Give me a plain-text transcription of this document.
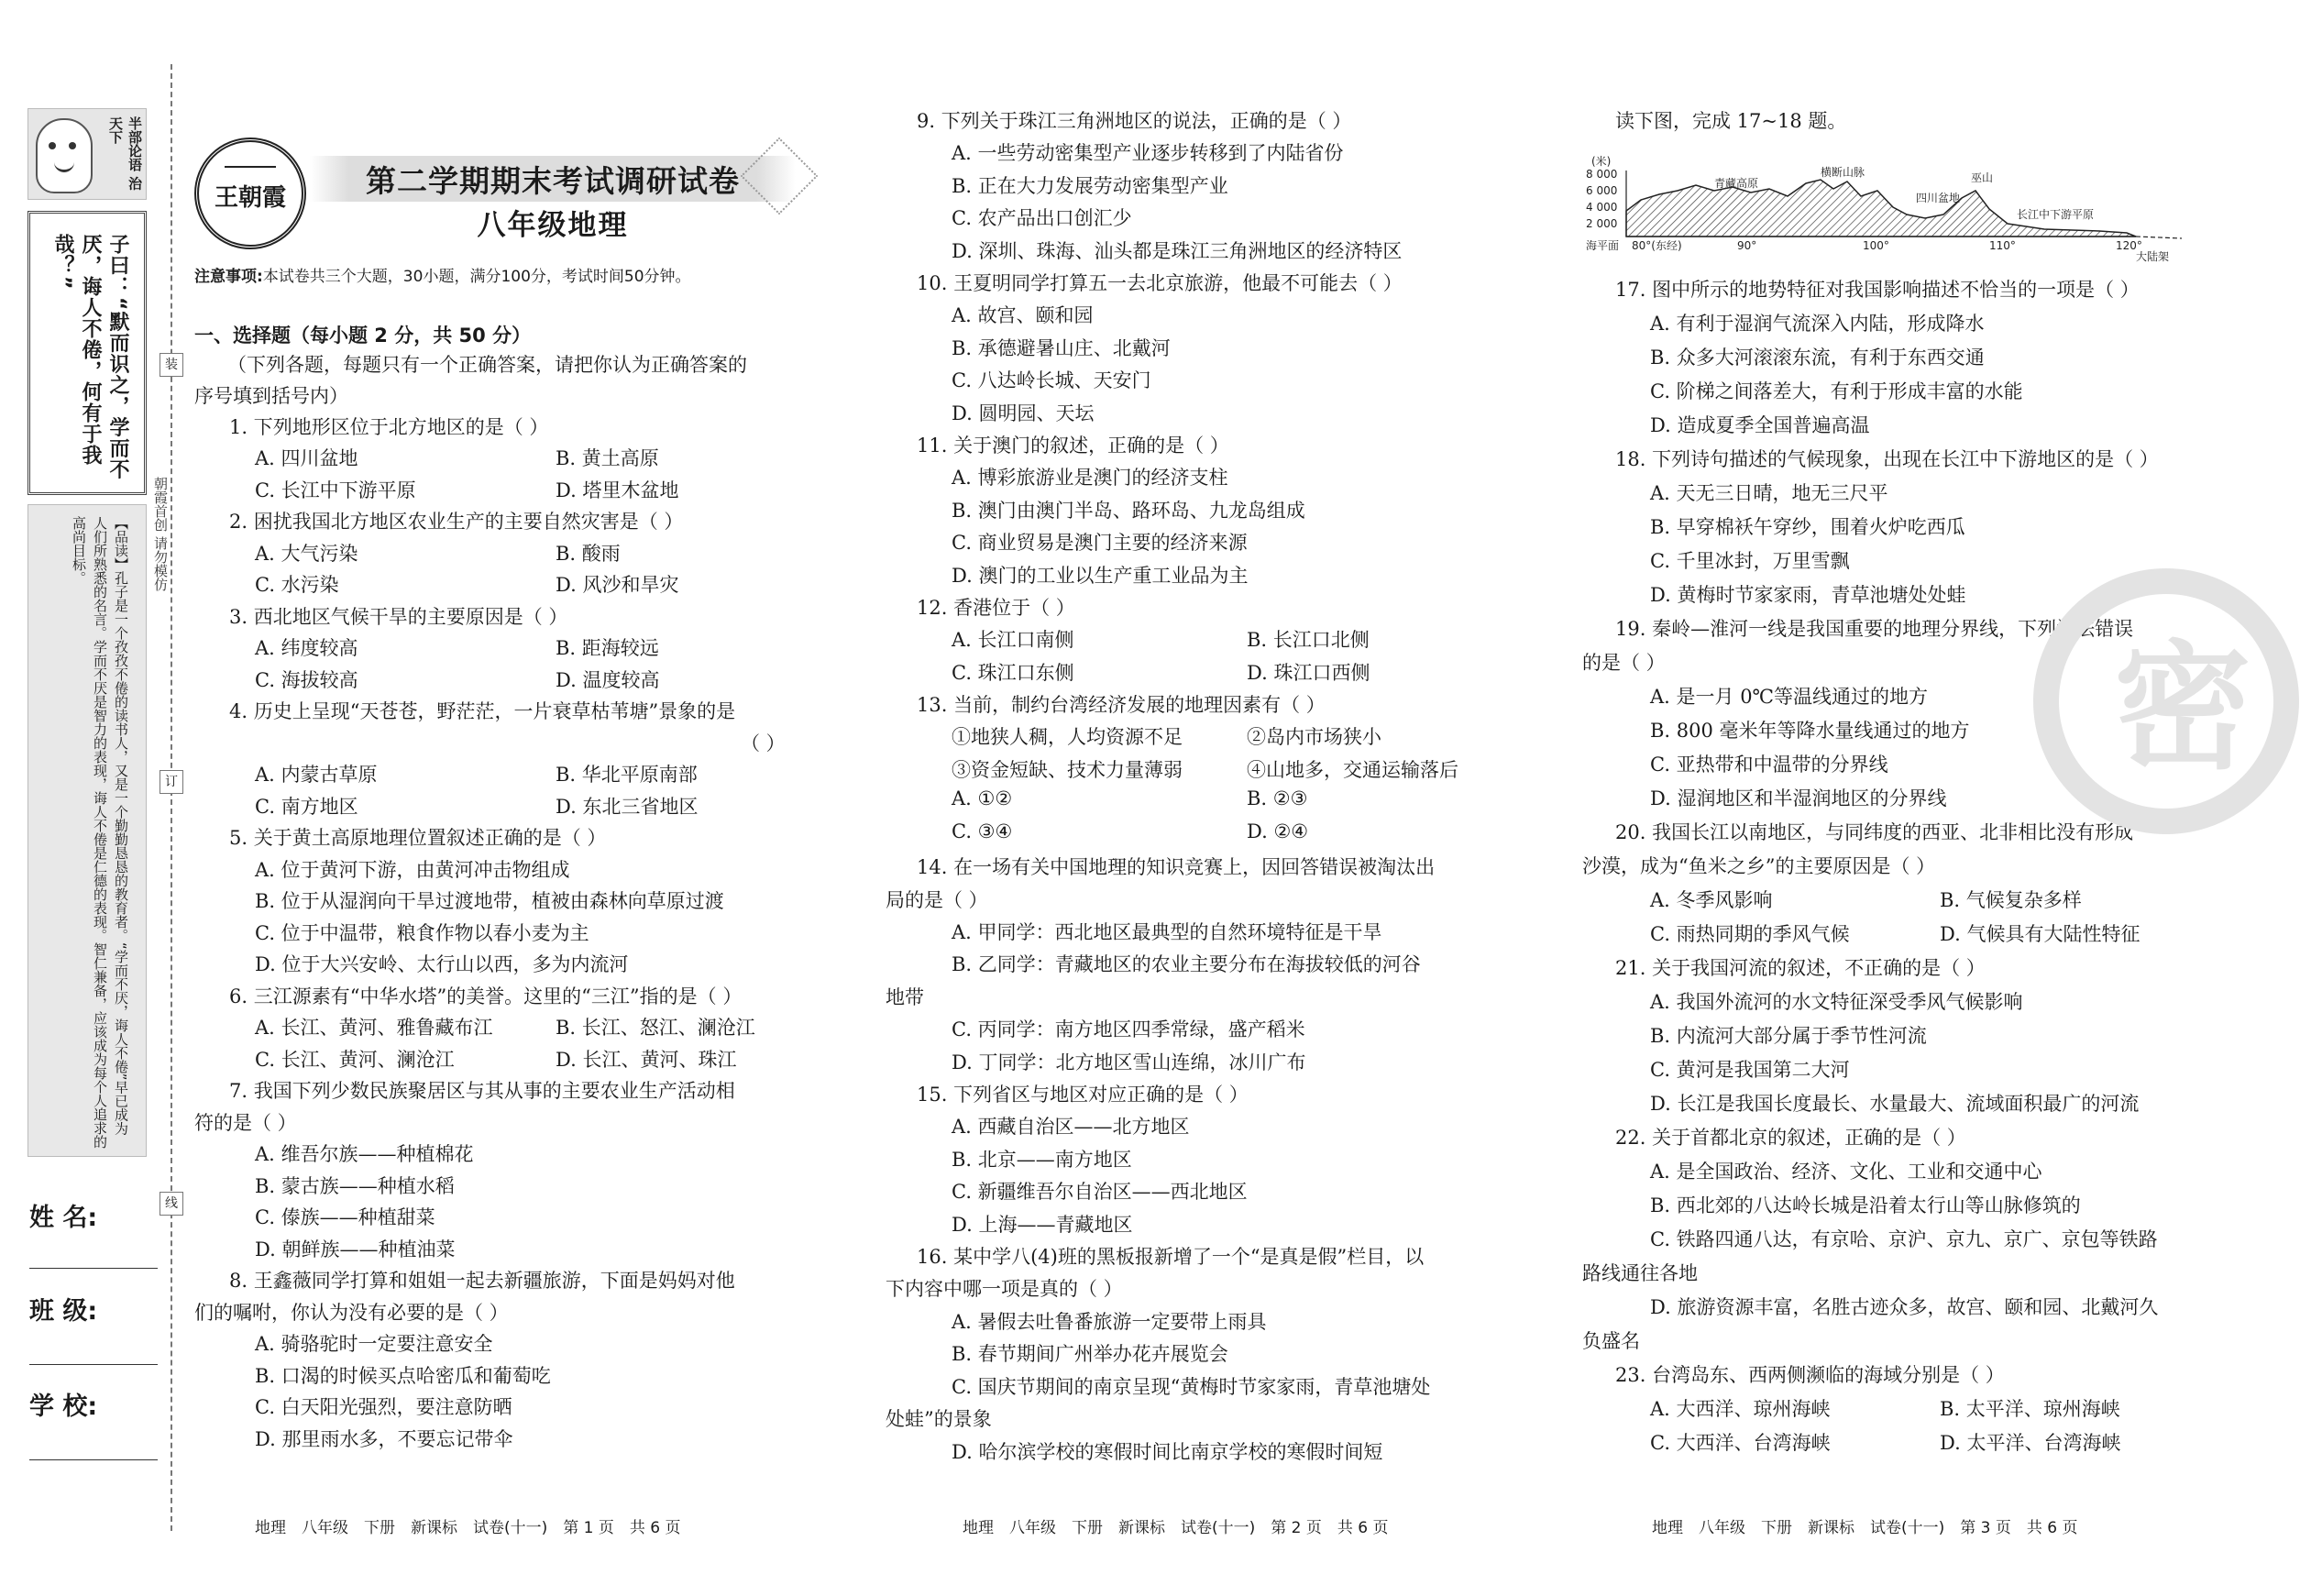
半部论语 治天下
子曰：“默而识之，学而不厌，诲人不倦，何有于我哉？”
【品读】孔子是一个孜孜不倦的读书人，又是一个勤勤恳恳的教育者。“学而不厌，诲人不倦”早已成为人们所熟悉的名言。学而不厌是智力的表现，诲人不倦是仁德的表现。智仁兼备，应该成为每个人追求的高尚目标。
姓 名:
班 级:
学 校:
装
订
线
朝霞首创 请勿模仿
王朝霞	第二学期期末考试调研试卷
八年级地理
注意事项:本试卷共三个大题，30小题，满分100分，考试时间50分钟。
一、选择题（每小题 2 分，共 50 分）
（下列各题，每题只有一个正确答案，请把你认为正确答案的
序号填到括号内）
1. 下列地形区位于北方地区的是（ ）
A. 四川盆地	B. 黄土高原
C. 长江中下游平原	D. 塔里木盆地
2. 困扰我国北方地区农业生产的主要自然灾害是（ ）
A. 大气污染	B. 酸雨
C. 水污染	D. 风沙和旱灾
3. 西北地区气候干旱的主要原因是（ ）
A. 纬度较高	B. 距海较远
C. 海拔较高	D. 温度较高
4. 历史上呈现“天苍苍，野茫茫，一片衰草枯苇塘”景象的是
（ ）
A. 内蒙古草原	B. 华北平原南部
C. 南方地区	D. 东北三省地区
5. 关于黄土高原地理位置叙述正确的是（ ）
A. 位于黄河下游，由黄河冲击物组成
B. 位于从湿润向干旱过渡地带，植被由森林向草原过渡
C. 位于中温带，粮食作物以春小麦为主
D. 位于大兴安岭、太行山以西，多为内流河
6. 三江源素有“中华水塔”的美誉。这里的“三江”指的是（ ）
A. 长江、黄河、雅鲁藏布江	B. 长江、怒江、澜沧江
C. 长江、黄河、澜沧江	D. 长江、黄河、珠江
7. 我国下列少数民族聚居区与其从事的主要农业生产活动相
符的是（ ）
A. 维吾尔族——种植棉花
B. 蒙古族——种植水稻
C. 傣族——种植甜菜
D. 朝鲜族——种植油菜
8. 王鑫薇同学打算和姐姐一起去新疆旅游，下面是妈妈对他
们的嘱咐，你认为没有必要的是（ ）
A. 骑骆驼时一定要注意安全
B. 口渴的时候买点哈密瓜和葡萄吃
C. 白天阳光强烈，要注意防晒
D. 那里雨水多，不要忘记带伞
9. 下列关于珠江三角洲地区的说法，正确的是（ ）
A. 一些劳动密集型产业逐步转移到了内陆省份
B. 正在大力发展劳动密集型产业
C. 农产品出口创汇少
D. 深圳、珠海、汕头都是珠江三角洲地区的经济特区
10. 王夏明同学打算五一去北京旅游，他最不可能去（ ）
A. 故宫、颐和园
B. 承德避暑山庄、北戴河
C. 八达岭长城、天安门
D. 圆明园、天坛
11. 关于澳门的叙述，正确的是（ ）
A. 博彩旅游业是澳门的经济支柱
B. 澳门由澳门半岛、路环岛、九龙岛组成
C. 商业贸易是澳门主要的经济来源
D. 澳门的工业以生产重工业品为主
12. 香港位于（ ）
A. 长江口南侧	B. 长江口北侧
C. 珠江口东侧	D. 珠江口西侧
13. 当前，制约台湾经济发展的地理因素有（ ）
①地狭人稠，人均资源不足	②岛内市场狭小
③资金短缺、技术力量薄弱	④山地多，交通运输落后
A. ①②	B. ②③
C. ③④	D. ②④
14. 在一场有关中国地理的知识竞赛上，因回答错误被淘汰出
局的是（ ）
A. 甲同学：西北地区最典型的自然环境特征是干旱
B. 乙同学：青藏地区的农业主要分布在海拔较低的河谷
地带
C. 丙同学：南方地区四季常绿，盛产稻米
D. 丁同学：北方地区雪山连绵，冰川广布
15. 下列省区与地区对应正确的是（ ）
A. 西藏自治区——北方地区
B. 北京——南方地区
C. 新疆维吾尔自治区——西北地区
D. 上海——青藏地区
16. 某中学八(4)班的黑板报新增了一个“是真是假”栏目，以
下内容中哪一项是真的（ ）
A. 暑假去吐鲁番旅游一定要带上雨具
B. 春节期间广州举办花卉展览会
C. 国庆节期间的南京呈现“黄梅时节家家雨，青草池塘处
处蛙”的景象
D. 哈尔滨学校的寒假时间比南京学校的寒假时间短
读下图，完成 17~18 题。
(米)
8 000
6 000
4 000
2 000
海平面 80°(东经)	90°	100°	110°	120°
大陆架
青藏高原
横断山脉	巫山
四川盆地
长江中下游平原
17. 图中所示的地势特征对我国影响描述不恰当的一项是（ ）
A. 有利于湿润气流深入内陆，形成降水
B. 众多大河滚滚东流，有利于东西交通
C. 阶梯之间落差大，有利于形成丰富的水能
D. 造成夏季全国普遍高温
18. 下列诗句描述的气候现象，出现在长江中下游地区的是（ ）
A. 天无三日晴，地无三尺平
B. 早穿棉袄午穿纱，围着火炉吃西瓜
C. 千里冰封，万里雪飘
D. 黄梅时节家家雨，青草池塘处处蛙
19. 秦岭—淮河一线是我国重要的地理分界线，下列说法错误
的是（ ）
A. 是一月 0℃等温线通过的地方
B. 800 毫米年等降水量线通过的地方
C. 亚热带和中温带的分界线
D. 湿润地区和半湿润地区的分界线
20. 我国长江以南地区，与同纬度的西亚、北非相比没有形成
沙漠，成为“鱼米之乡”的主要原因是（ ）
A. 冬季风影响	B. 气候复杂多样
C. 雨热同期的季风气候	D. 气候具有大陆性特征
21. 关于我国河流的叙述，不正确的是（ ）
A. 我国外流河的水文特征深受季风气候影响
B. 内流河大部分属于季节性河流
C. 黄河是我国第二大河
D. 长江是我国长度最长、水量最大、流域面积最广的河流
22. 关于首都北京的叙述，正确的是（ ）
A. 是全国政治、经济、文化、工业和交通中心
B. 西北郊的八达岭长城是沿着太行山等山脉修筑的
C. 铁路四通八达，有京哈、京沪、京九、京广、京包等铁路
路线通往各地
D. 旅游资源丰富，名胜古迹众多，故宫、颐和园、北戴河久
负盛名
23. 台湾岛东、西两侧濒临的海域分别是（ ）
A. 大西洋、琼州海峡	B. 太平洋、琼州海峡
C. 大西洋、台湾海峡	D. 太平洋、台湾海峡
密
地理　八年级　下册　新课标　试卷(十一)　第 1 页　共 6 页	地理　八年级　下册　新课标　试卷(十一)　第 2 页　共 6 页	地理　八年级　下册　新课标　试卷(十一)　第 3 页　共 6 页
